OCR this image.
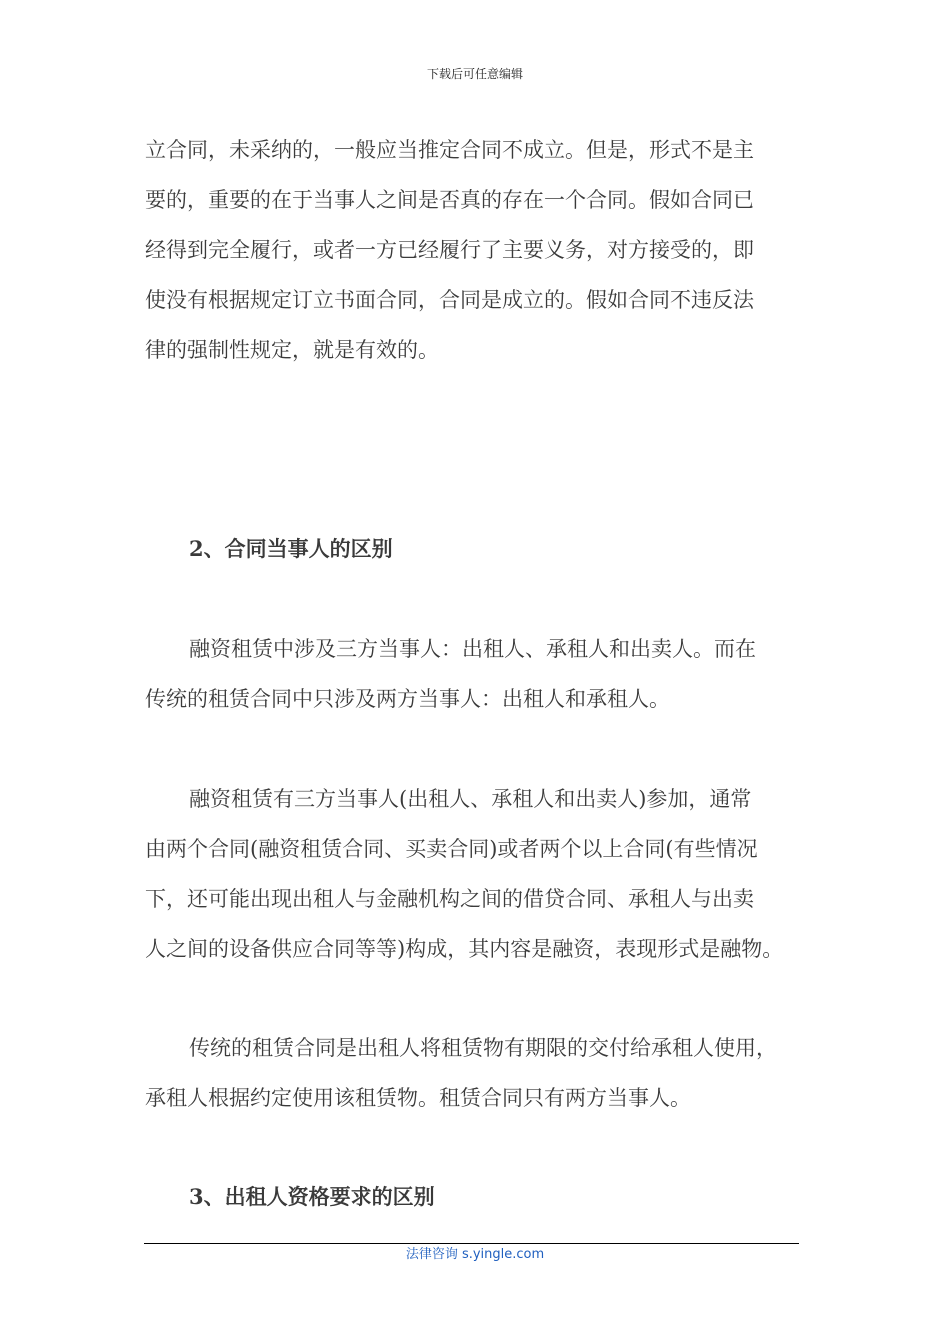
下载后可任意编辑

立合同，未采纳的，一般应当推定合同不成立。但是，形式不是主

要的，重要的在于当事人之间是否真的存在一个合同。假如合同已

经得到完全履行，或者一方已经履行了主要义务，对方接受的，即

使没有根据规定订立书面合同，合同是成立的。假如合同不违反法

律的强制性规定，就是有效的。

2、合同当事人的区别

融资租赁中涉及三方当事人：出租人、承租人和出卖人。而在

传统的租赁合同中只涉及两方当事人：出租人和承租人。

融资租赁有三方当事人(出租人、承租人和出卖人)参加，通常

由两个合同(融资租赁合同、买卖合同)或者两个以上合同(有些情况

下，还可能出现出租人与金融机构之间的借贷合同、承租人与出卖

人之间的设备供应合同等等)构成，其内容是融资，表现形式是融物。

传统的租赁合同是出租人将租赁物有期限的交付给承租人使用，

承租人根据约定使用该租赁物。租赁合同只有两方当事人。

3、出租人资格要求的区别

法律咨询 s.yingle.com
